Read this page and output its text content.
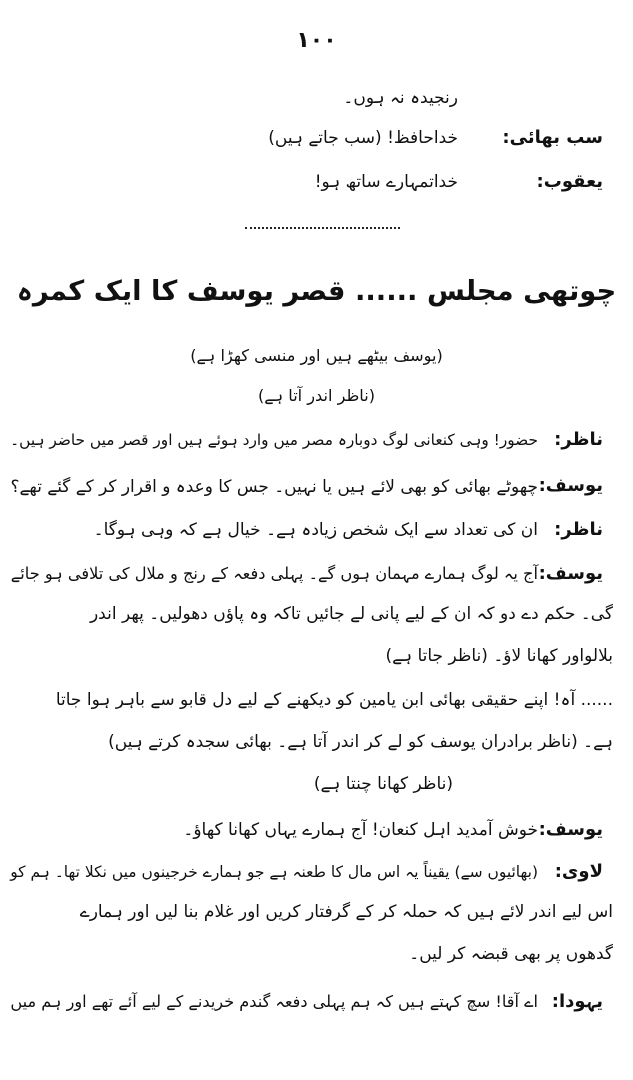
۱۰۰
رنجیدہ نہ ہوں۔
سب بھائی:
خداحافظ! (سب جاتے ہیں)
یعقوب:
خداتمہارے ساتھ ہو!
چوتھی مجلس ...... قصر یوسف کا ایک کمرہ
(یوسف بیٹھے ہیں اور منسی کھڑا ہے)
(ناظر اندر آتا ہے)
ناظر:
حضور! وہی کنعانی لوگ دوبارہ مصر میں وارد ہوئے ہیں اور قصر میں حاضر ہیں۔
یوسف:
چھوٹے بھائی کو بھی لائے ہیں یا نہیں۔ جس کا وعدہ و اقرار کر کے گئے تھے؟
ناظر:
ان کی تعداد سے ایک شخص زیادہ ہے۔ خیال ہے کہ وہی ہوگا۔
یوسف:
آج یہ لوگ ہمارے مہمان ہوں گے۔ پہلی دفعہ کے رنج و ملال کی تلافی ہو جائے
گی۔ حکم دے دو کہ ان کے لیے پانی لے جائیں تاکہ وہ پاؤں دھولیں۔ پھر اندر
بلالواور کھانا لاؤ۔ (ناظر جاتا ہے)
...... آہ! اپنے حقیقی بھائی ابن یامین کو دیکھنے کے لیے دل قابو سے باہر ہوا جاتا
ہے۔ (ناظر برادران یوسف کو لے کر اندر آتا ہے۔ بھائی سجدہ کرتے ہیں)
(ناظر کھانا چنتا ہے)
یوسف:
خوش آمدید اہل کنعان! آج ہمارے یہاں کھانا کھاؤ۔
لاوی:
(بھائیوں سے) یقیناً یہ اس مال کا طعنہ ہے جو ہمارے خرجینوں میں نکلا تھا۔ ہم کو
اس لیے اندر لائے ہیں کہ حملہ کر کے گرفتار کریں اور غلام بنا لیں اور ہمارے
گدھوں پر بھی قبضہ کر لیں۔
یہودا:
اے آقا! سچ کہتے ہیں کہ ہم پہلی دفعہ گندم خریدنے کے لیے آئے تھے اور ہم میں
